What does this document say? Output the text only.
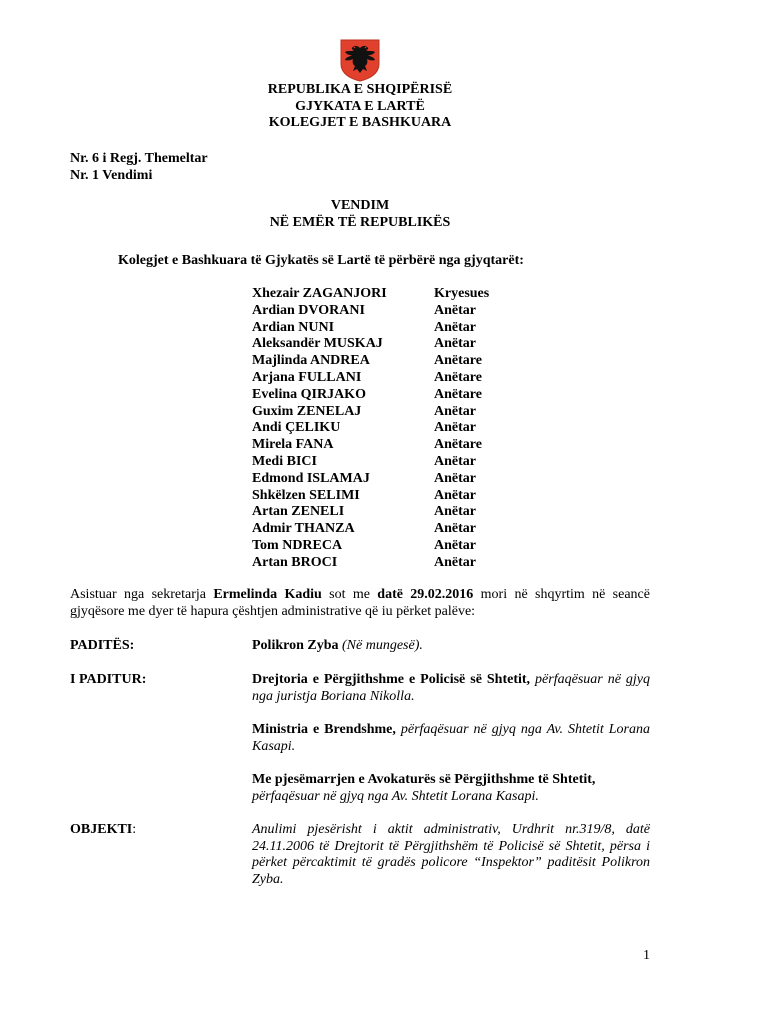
REPUBLIKA E SHQIPËRISË
GJYKATA E LARTË
KOLEGJET E BASHKUARA
Nr. 6 i Regj. Themeltar
Nr. 1 Vendimi
VENDIM
NË EMËR TË REPUBLIKËS
Kolegjet e Bashkuara të Gjykatës së Lartë të përbërë nga gjyqtarët:
Xhezair ZAGANJORI	Kryesues
Ardian DVORANI	Anëtar
Ardian NUNI	Anëtar
Aleksandër MUSKAJ	Anëtar
Majlinda ANDREA	Anëtare
Arjana FULLANI	Anëtare
Evelina QIRJAKO	Anëtare
Guxim ZENELAJ	Anëtar
Andi ÇELIKU	Anëtar
Mirela FANA	Anëtare
Medi BICI	Anëtar
Edmond ISLAMAJ	Anëtar
Shkëlzen SELIMI	Anëtar
Artan ZENELI	Anëtar
Admir THANZA	Anëtar
Tom NDRECA	Anëtar
Artan BROCI	Anëtar
Asistuar nga sekretarja Ermelinda Kadiu sot me datë 29.02.2016 mori në shqyrtim në seancë gjyqësore me dyer të hapura çështjen administrative që iu përket palëve:
PADITËS:	Polikron Zyba (Në mungesë).
I PADITUR:	Drejtoria e Përgjithshme e Policisë së Shtetit, përfaqësuar në gjyq nga juristja Boriana Nikolla.
Ministria e Brendshme, përfaqësuar në gjyq nga Av. Shtetit Lorana Kasapi.
Me pjesëmarrjen e Avokaturës së Përgjithshme të Shtetit,
përfaqësuar në gjyq nga Av. Shtetit Lorana Kasapi.
OBJEKTI:	Anulimi pjesërisht i aktit administrativ, Urdhrit nr.319/8, datë 24.11.2006 të Drejtorit të Përgjithshëm të Policisë së Shtetit, përsa i përket përcaktimit të gradës policore “Inspektor” paditësit Polikron Zyba.
1
